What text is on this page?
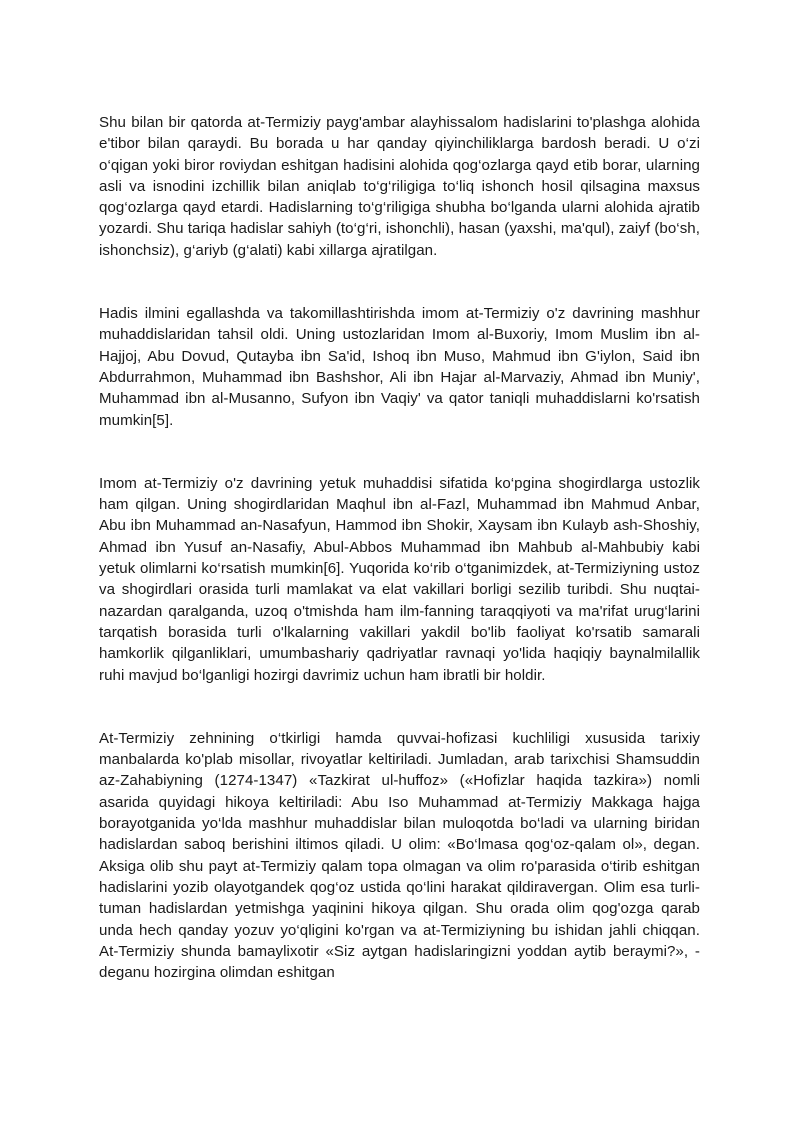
Shu bilan bir qatorda at-Termiziy payg'ambar alayhissalom hadislarini to'plashga alohida e'tibor bilan qaraydi. Bu borada u har qanday qiyinchiliklarga bardosh beradi. U o‘zi o‘qigan yoki biror roviydan eshitgan hadisini alohida qog‘ozlarga qayd etib borar, ularning asli va isnodini izchillik bilan aniqlab to‘g‘riligiga to‘liq ishonch hosil qilsagina maxsus qog‘ozlarga qayd etardi. Hadislarning to‘g‘riligiga shubha bo‘lganda ularni alohida ajratib yozardi. Shu tariqa hadislar sahiyh (to‘g‘ri, ishonchli), hasan (yaxshi, ma'qul), zaiyf (bo‘sh, ishonchsiz), g‘ariyb (g‘alati) kabi xillarga ajratilgan.

Hadis ilmini egallashda va takomillashtirishda imom at-Termiziy o'z davrining mashhur muhaddislaridan tahsil oldi. Uning ustozlaridan Imom al-Buxoriy, Imom Muslim ibn al-Hajjoj, Abu Dovud, Qutayba ibn Sa'id, Ishoq ibn Muso, Mahmud ibn G'iylon, Said ibn Abdurrahmon, Muhammad ibn Bashshor, Ali ibn Hajar al-Marvaziy, Ahmad ibn Muniy', Muhammad ibn al-Musanno, Sufyon ibn Vaqiy' va qator taniqli muhaddislarni ko'rsatish mumkin[5].

Imom at-Termiziy o'z davrining yetuk muhaddisi sifatida ko‘pgina shogirdlarga ustozlik ham qilgan. Uning shogirdlaridan Maqhul ibn al-Fazl, Muhammad ibn Mahmud Anbar, Abu ibn Muhammad an-Nasafyun, Hammod ibn Shokir, Xaysam ibn Kulayb ash-Shoshiy, Ahmad ibn Yusuf an-Nasafiy, Abul-Abbos Muhammad ibn Mahbub al-Mahbubiy kabi yetuk olimlarni ko‘rsatish mumkin[6]. Yuqorida ko‘rib o‘tganimizdek, at-Termiziyning ustoz va shogirdlari orasida turli mamlakat va elat vakillari borligi sezilib turibdi. Shu nuqtai-nazardan qaralganda, uzoq o'tmishda ham ilm-fanning taraqqiyoti va ma'rifat urug‘larini tarqatish borasida turli o'lkalarning vakillari yakdil bo'lib faoliyat ko'rsatib samarali hamkorlik qilganliklari, umumbashariy qadriyatlar ravnaqi yo'lida haqiqiy baynalmilallik ruhi mavjud bo‘lganligi hozirgi davrimiz uchun ham ibratli bir holdir.

At-Termiziy zehnining o‘tkirligi hamda quvvai-hofizasi kuchliligi xususida tarixiy manbalarda ko'plab misollar, rivoyatlar keltiriladi. Jumladan, arab tarixchisi Shamsuddin az-Zahabiyning (1274-1347) «Tazkirat ul-huffoz» («Hofizlar haqida tazkira») nomli asarida quyidagi hikoya keltiriladi: Abu Iso Muhammad at-Termiziy Makkaga hajga borayotganida yo‘lda mashhur muhaddislar bilan muloqotda bo‘ladi va ularning biridan hadislardan saboq berishini iltimos qiladi. U olim: «Bo‘lmasa qog‘oz-qalam ol», degan. Aksiga olib shu payt at-Termiziy qalam topa olmagan va olim ro'parasida o‘tirib eshitgan hadislarini yozib olayotgandek qog‘oz ustida qo‘lini harakat qildiravergan. Olim esa turli-tuman hadislardan yetmishga yaqinini hikoya qilgan. Shu orada olim qog'ozga qarab unda hech qanday yozuv yo‘qligini ko'rgan va at-Termiziyning bu ishidan jahli chiqqan. At-Termiziy shunda bamaylixotir «Siz aytgan hadislaringizni yoddan aytib beraymi?», - deganu hozirgina olimdan eshitgan
